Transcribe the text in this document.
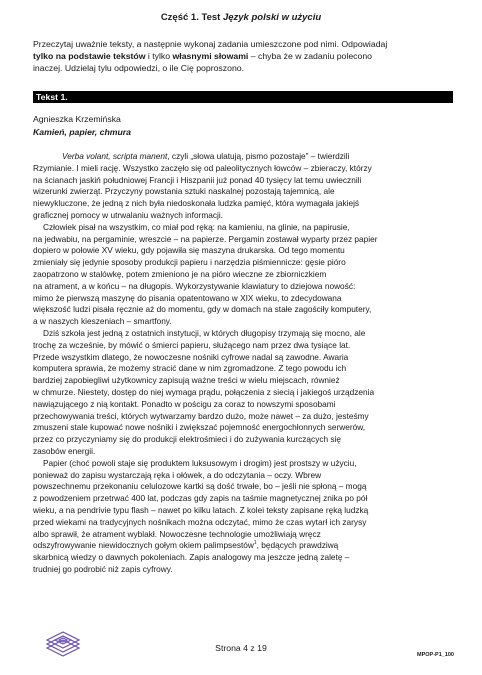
Część 1. Test Język polski w użyciu
Przeczytaj uważnie teksty, a następnie wykonaj zadania umieszczone pod nimi. Odpowiadaj
tylko na podstawie tekstów i tylko własnymi słowami – chyba że w zadaniu polecono
inaczej. Udzielaj tylu odpowiedzi, o ile Cię poproszono.
Tekst 1.
Agnieszka Krzemińska
Kamień, papier, chmura
Verba volant, scripta manent, czyli „słowa ulatują, pismo pozostaje” – twierdzili
Rzymianie. I mieli rację. Wszystko zaczęło się od paleolitycznych łowców – zbieraczy, którzy
na ścianach jaskiń południowej Francji i Hiszpanii już ponad 40 tysięcy lat temu uwiecznili
wizerunki zwierząt. Przyczyny powstania sztuki naskalnej pozostają tajemnicą, ale
niewykluczone, że jedną z nich była niedoskonała ludzka pamięć, która wymagała jakiejś
graficznej pomocy w utrwalaniu ważnych informacji.
Człowiek pisał na wszystkim, co miał pod ręką: na kamieniu, na glinie, na papirusie,
na jedwabiu, na pergaminie, wreszcie – na papierze. Pergamin zostawał wyparty przez papier
dopiero w połowie XV wieku, gdy pojawiła się maszyna drukarska. Od tego momentu
zmieniały się jedynie sposoby produkcji papieru i narzędzia piśmiennicze: gęsie pióro
zaopatrzono w stalówkę, potem zmieniono je na pióro wieczne ze zbiorniczkiem
na atrament, a w końcu – na długopis. Wykorzystywanie klawiatury to dziejowa nowość:
mimo że pierwszą maszynę do pisania opatentowano w XIX wieku, to zdecydowana
większość ludzi pisała ręcznie aż do momentu, gdy w domach na stałe zagościły komputery,
a w naszych kieszeniach – smartfony.
Dziś szkoła jest jedną z ostatnich instytucji, w których długopisy trzymają się mocno, ale
trochę za wcześnie, by mówić o śmierci papieru, służącego nam przez dwa tysiące lat.
Przede wszystkim dlatego, że nowoczesne nośniki cyfrowe nadal są zawodne. Awaria
komputera sprawia, że możemy stracić dane w nim zgromadzone. Z tego powodu ich
bardziej zapobiegliwi użytkownicy zapisują ważne treści w wielu miejscach, również
w chmurze. Niestety, dostęp do niej wymaga prądu, połączenia z siecią i jakiegoś urządzenia
nawiązującego z nią kontakt. Ponadto w pościgu za coraz to nowszymi sposobami
przechowywania treści, których wytwarzamy bardzo dużo, może nawet – za dużo, jesteśmy
zmuszeni stale kupować nowe nośniki i zwiększać pojemność energochłonnych serwerów,
przez co przyczyniamy się do produkcji elektrośmieci i do zużywania kurczących się
zasobów energii.
Papier (choć powoli staje się produktem luksusowym i drogim) jest prostszy w użyciu,
ponieważ do zapisu wystarczają ręka i ołówek, a do odczytania – oczy. Wbrew
powszechnemu przekonaniu celulozowe kartki są dość trwałe, bo – jeśli nie spłoną – mogą
z powodzeniem przetrwać 400 lat, podczas gdy zapis na taśmie magnetycznej znika po pół
wieku, a na pendrivie typu flash – nawet po kilku latach. Z kolei teksty zapisane ręką ludzką
przed wiekami na tradycyjnych nośnikach można odczytać, mimo że czas wytarł ich zarysy
albo sprawił, że atrament wyblakł. Nowoczesne technologie umożliwiają wręcz
odszyfrowywanie niewidocznych gołym okiem palimpsestów$^1$, będących prawdziwą
skarbnicą wiedzy o dawnych pokoleniach. Zapis analogowy ma jeszcze jedną zaletę –
trudniej go podrobić niż zapis cyfrowy.
Strona 4 z 19
MPOP-P1_100
